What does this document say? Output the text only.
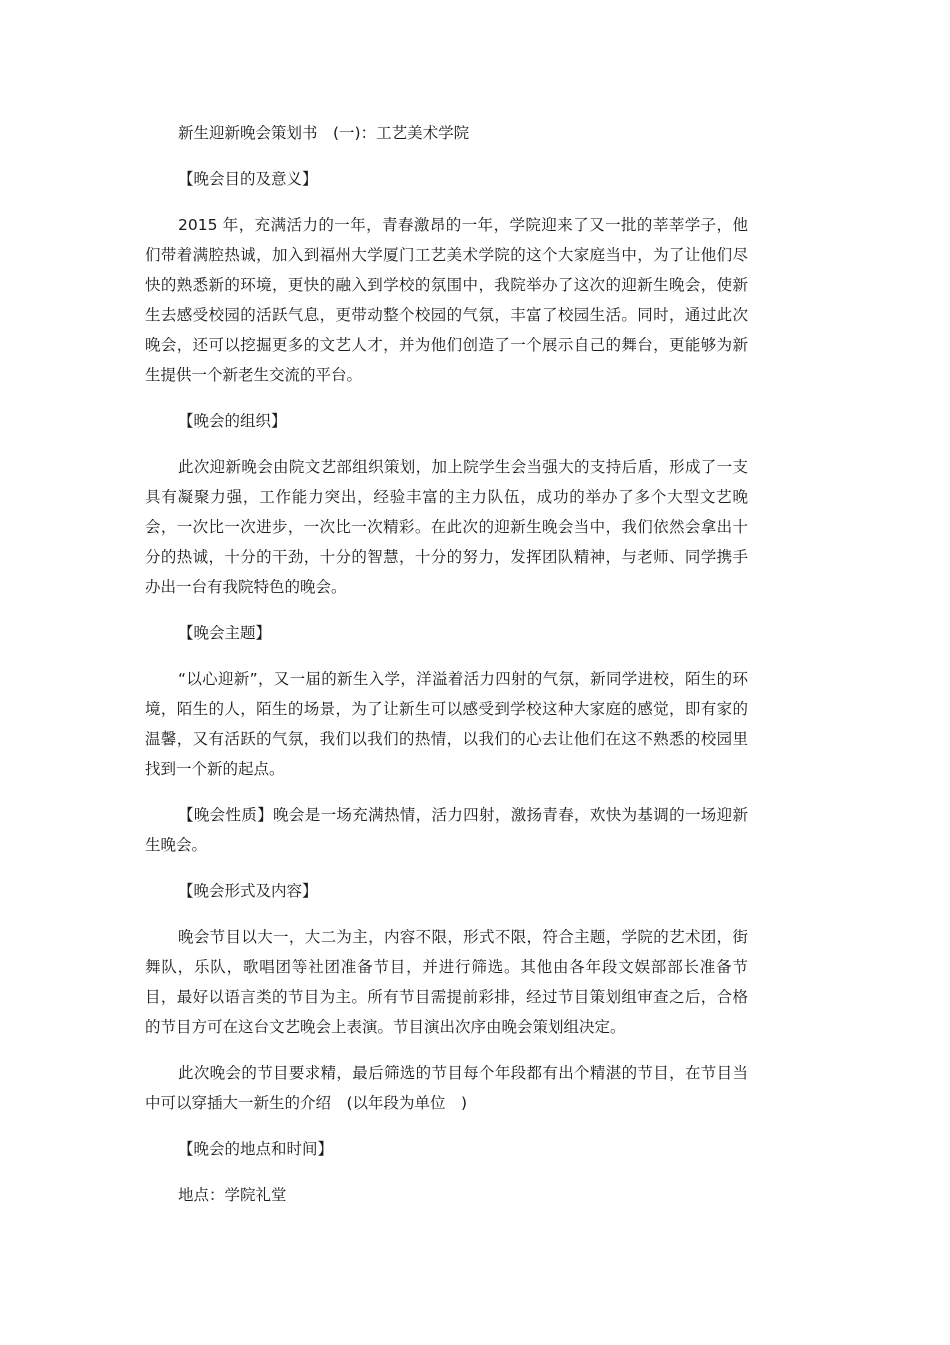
新生迎新晚会策划书　(一)：工艺美术学院
【晚会目的及意义】

2015 年，充满活力的一年，青春激昂的一年，学院迎来了又一批的莘莘学子，他们带着满腔热诚，加入到福州大学厦门工艺美术学院的这个大家庭当中，为了让他们尽快的熟悉新的环境，更快的融入到学校的氛围中，我院举办了这次的迎新生晚会，使新生去感受校园的活跃气息，更带动整个校园的气氛，丰富了校园生活。同时，通过此次晚会，还可以挖掘更多的文艺人才，并为他们创造了一个展示自己的舞台，更能够为新生提供一个新老生交流的平台。

【晚会的组织】

此次迎新晚会由院文艺部组织策划，加上院学生会当强大的支持后盾，形成了一支具有凝聚力强，工作能力突出，经验丰富的主力队伍，成功的举办了多个大型文艺晚会，一次比一次进步，一次比一次精彩。在此次的迎新生晚会当中，我们依然会拿出十分的热诚，十分的干劲，十分的智慧，十分的努力，发挥团队精神，与老师、同学携手办出一台有我院特色的晚会。

【晚会主题】

“以心迎新”，又一届的新生入学，洋溢着活力四射的气氛，新同学进校，陌生的环境，陌生的人，陌生的场景，为了让新生可以感受到学校这种大家庭的感觉，即有家的温馨，又有活跃的气氛，我们以我们的热情，以我们的心去让他们在这不熟悉的校园里找到一个新的起点。

【晚会性质】晚会是一场充满热情，活力四射，激扬青春，欢快为基调的一场迎新生晚会。

【晚会形式及内容】

晚会节目以大一，大二为主，内容不限，形式不限，符合主题，学院的艺术团，街舞队，乐队，歌唱团等社团准备节目，并进行筛选。其他由各年段文娱部部长准备节目，最好以语言类的节目为主。所有节目需提前彩排，经过节目策划组审查之后，合格的节目方可在这台文艺晚会上表演。节目演出次序由晚会策划组决定。

此次晚会的节目要求精，最后筛选的节目每个年段都有出个精湛的节目，在节目当中可以穿插大一新生的介绍　(以年段为单位　)

【晚会的地点和时间】
地点：学院礼堂
